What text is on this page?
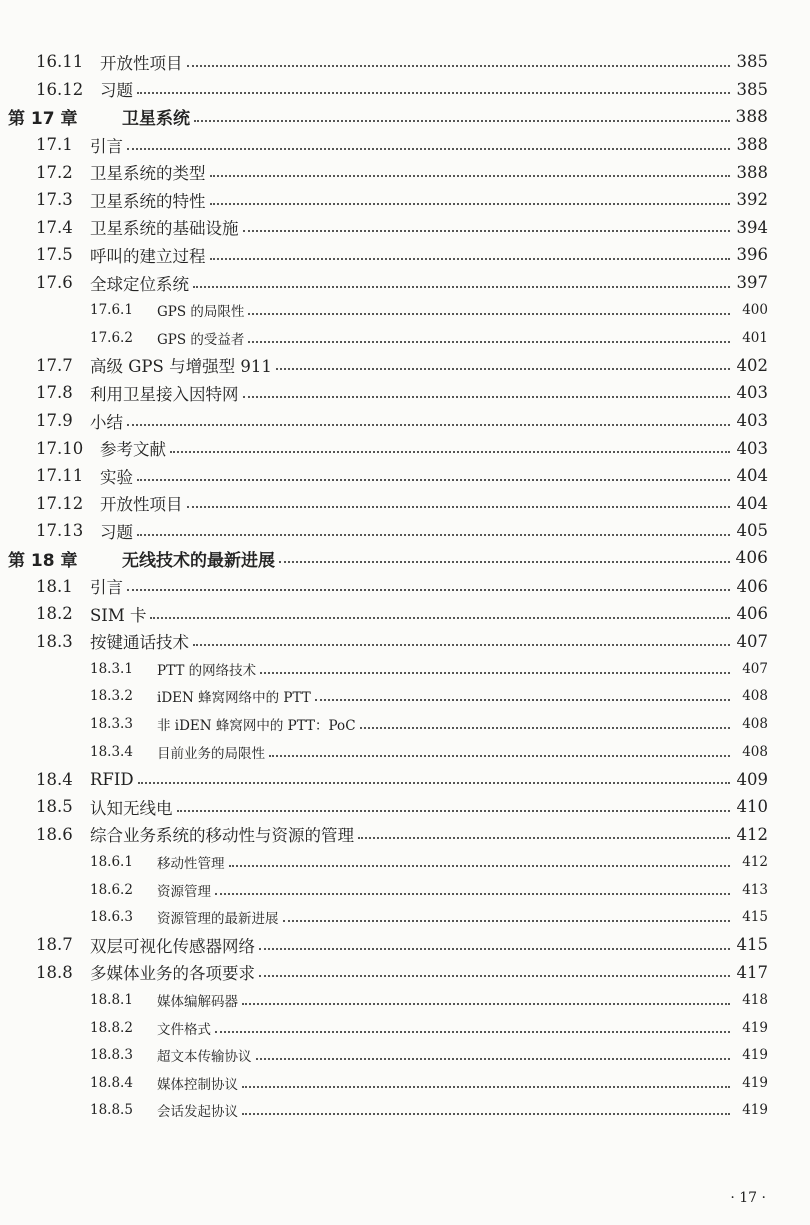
16.11 开放性项目	385
16.12 习题	385
第 17 章	卫星系统	388
17.1 引言	388
17.2 卫星系统的类型	388
17.3 卫星系统的特性	392
17.4 卫星系统的基础设施	394
17.5 呼叫的建立过程	396
17.6 全球定位系统	397
17.6.1 GPS 的局限性	400
17.6.2 GPS 的受益者	401
17.7 高级 GPS 与增强型 911	402
17.8 利用卫星接入因特网	403
17.9 小结	403
17.10 参考文献	403
17.11 实验	404
17.12 开放性项目	404
17.13 习题	405
第 18 章	无线技术的最新进展	406
18.1 引言	406
18.2 SIM 卡	406
18.3 按键通话技术	407
18.3.1 PTT 的网络技术	407
18.3.2 iDEN 蜂窝网络中的 PTT	408
18.3.3 非 iDEN 蜂窝网中的 PTT：PoC	408
18.3.4 目前业务的局限性	408
18.4 RFID	409
18.5 认知无线电	410
18.6 综合业务系统的移动性与资源的管理	412
18.6.1 移动性管理	412
18.6.2 资源管理	413
18.6.3 资源管理的最新进展	415
18.7 双层可视化传感器网络	415
18.8 多媒体业务的各项要求	417
18.8.1 媒体编解码器	418
18.8.2 文件格式	419
18.8.3 超文本传输协议	419
18.8.4 媒体控制协议	419
18.8.5 会话发起协议	419
· 17 ·
